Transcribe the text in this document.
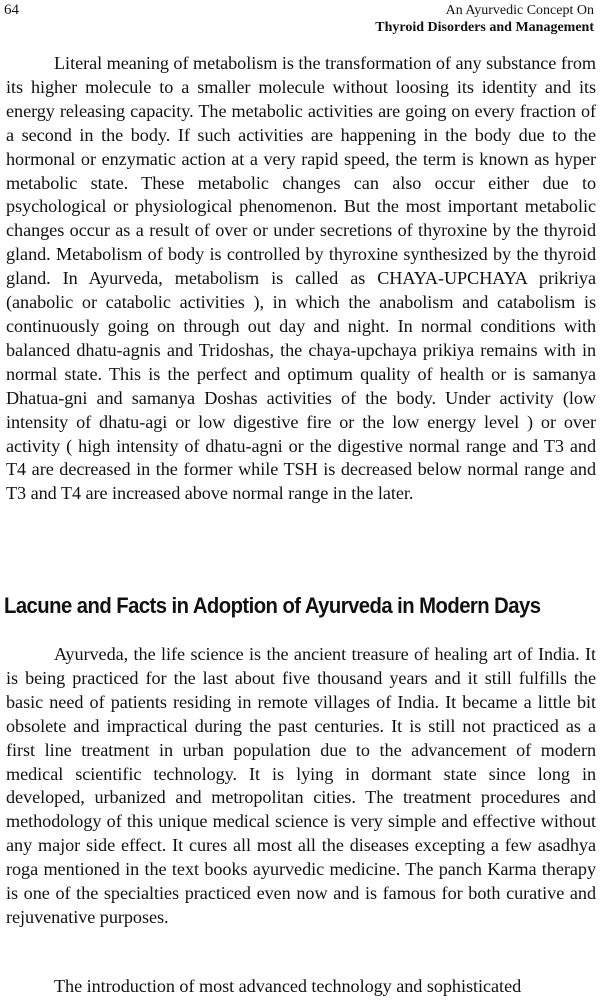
64	An Ayurvedic Concept On
Thyroid Disorders and Management

Literal meaning of metabolism is the transformation of any substance from its higher molecule to a smaller molecule without loosing its identity and its energy releasing capacity. The metabolic activities are going on every fraction of a second in the body. If such activities are happening in the body due to the hormonal or enzymatic action at a very rapid speed, the term is known as hyper metabolic state. These metabolic changes can also occur either due to psychological or physiological phenomenon. But the most important metabolic changes occur as a result of over or under secretions of thyroxine by the thyroid gland. Metabolism of body is controlled by thyroxine synthesized by the thyroid gland. In Ayurveda, metabolism is called as CHAYA-UPCHAYA prikriya (anabolic or catabolic activities ), in which the anabolism and catabolism is continuously going on through out day and night. In normal conditions with balanced dhatu-agnis and Tridoshas, the chaya-upchaya prikiya remains with in normal state. This is the perfect and optimum quality of health or is samanya Dhatua-gni and samanya Doshas activities of the body. Under activity (low intensity of dhatu-agi or low digestive fire or the low energy level ) or over activity ( high intensity of dhatu-agni or the digestive normal range and T3 and T4 are decreased in the former while TSH is decreased below normal range and T3 and T4 are increased above normal range in the later.

Lacune and Facts in Adoption of Ayurveda in Modern Days

Ayurveda, the life science is the ancient treasure of healing art of India. It is being practiced for the last about five thousand years and it still fulfills the basic need of patients residing in remote villages of India. It became a little bit obsolete and impractical during the past centuries. It is still not practiced as a first line treatment in urban population due to the advancement of modern medical scientific technology. It is lying in dormant state since long in developed, urbanized and metropolitan cities. The treatment procedures and methodology of this unique medical science is very simple and effective without any major side effect. It cures all most all the diseases excepting a few asadhya roga mentioned in the text books ayurvedic medicine. The panch Karma therapy is one of the specialties practiced even now and is famous for both curative and rejuvenative purposes.

The introduction of most advanced technology and sophisticated
